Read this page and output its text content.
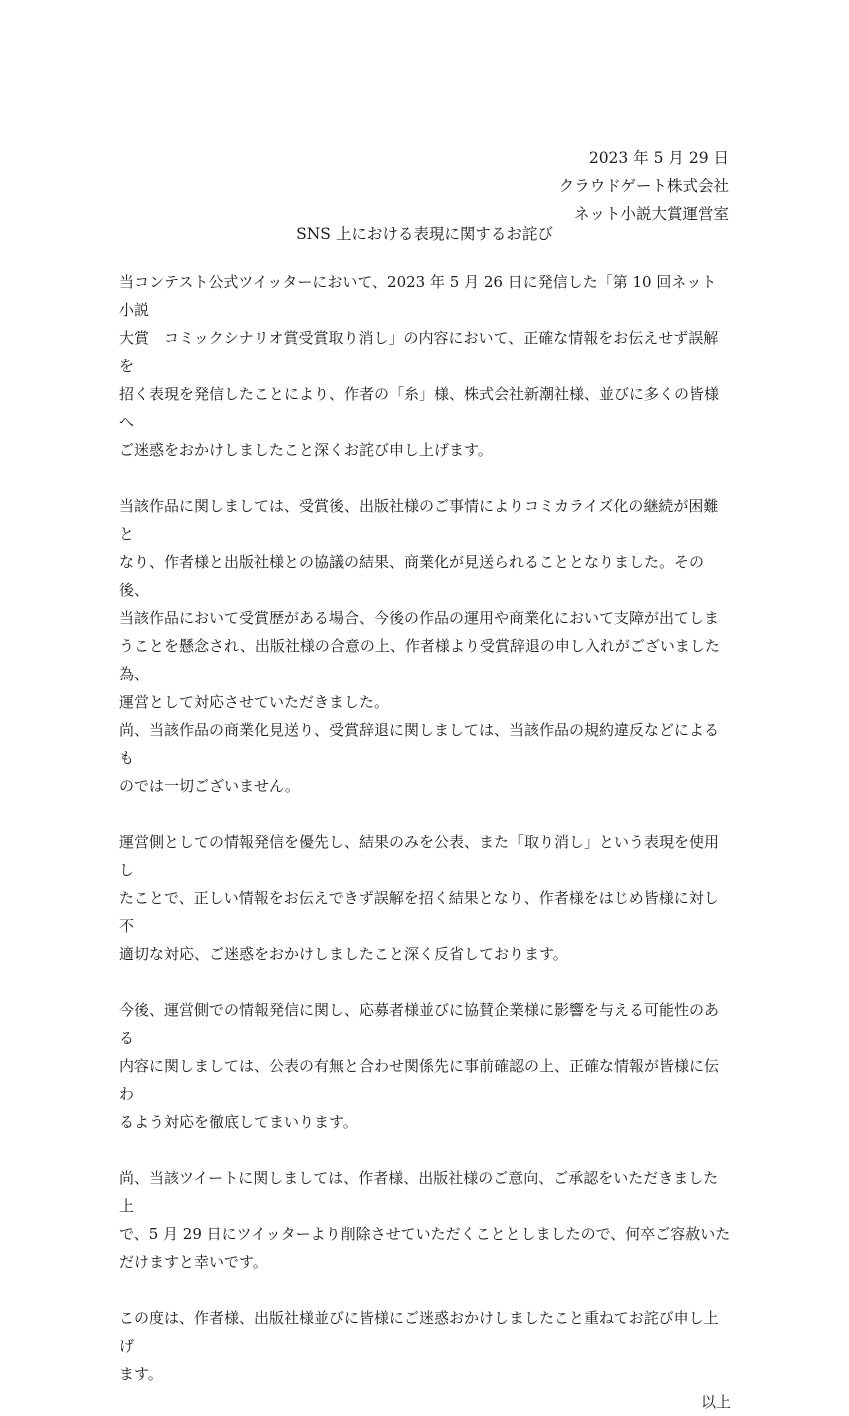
2023 年 5 月 29 日
クラウドゲート株式会社
ネット小説大賞運営室
SNS 上における表現に関するお詫び

当コンテスト公式ツイッターにおいて、2023 年 5 月 26 日に発信した「第 10 回ネット小説
大賞　コミックシナリオ賞受賞取り消し」の内容において、正確な情報をお伝えせず誤解を
招く表現を発信したことにより、作者の「糸」様、株式会社新潮社様、並びに多くの皆様へ
ご迷惑をおかけしましたこと深くお詫び申し上げます。

当該作品に関しましては、受賞後、出版社様のご事情によりコミカライズ化の継続が困難と
なり、作者様と出版社様との協議の結果、商業化が見送られることとなりました。その後、
当該作品において受賞歴がある場合、今後の作品の運用や商業化において支障が出てしま
うことを懸念され、出版社様の合意の上、作者様より受賞辞退の申し入れがございました為、
運営として対応させていただきました。

尚、当該作品の商業化見送り、受賞辞退に関しましては、当該作品の規約違反などによるも
のでは一切ございません。

運営側としての情報発信を優先し、結果のみを公表、また「取り消し」という表現を使用し
たことで、正しい情報をお伝えできず誤解を招く結果となり、作者様をはじめ皆様に対し不
適切な対応、ご迷惑をおかけしましたこと深く反省しております。

今後、運営側での情報発信に関し、応募者様並びに協賛企業様に影響を与える可能性のある
内容に関しましては、公表の有無と合わせ関係先に事前確認の上、正確な情報が皆様に伝わ
るよう対応を徹底してまいります。

尚、当該ツイートに関しましては、作者様、出版社様のご意向、ご承認をいただきました上
で、5 月 29 日にツイッターより削除させていただくこととしましたので、何卒ご容赦いた
だけますと幸いです。

この度は、作者様、出版社様並びに皆様にご迷惑おかけしましたこと重ねてお詫び申し上げ
ます。

以上
